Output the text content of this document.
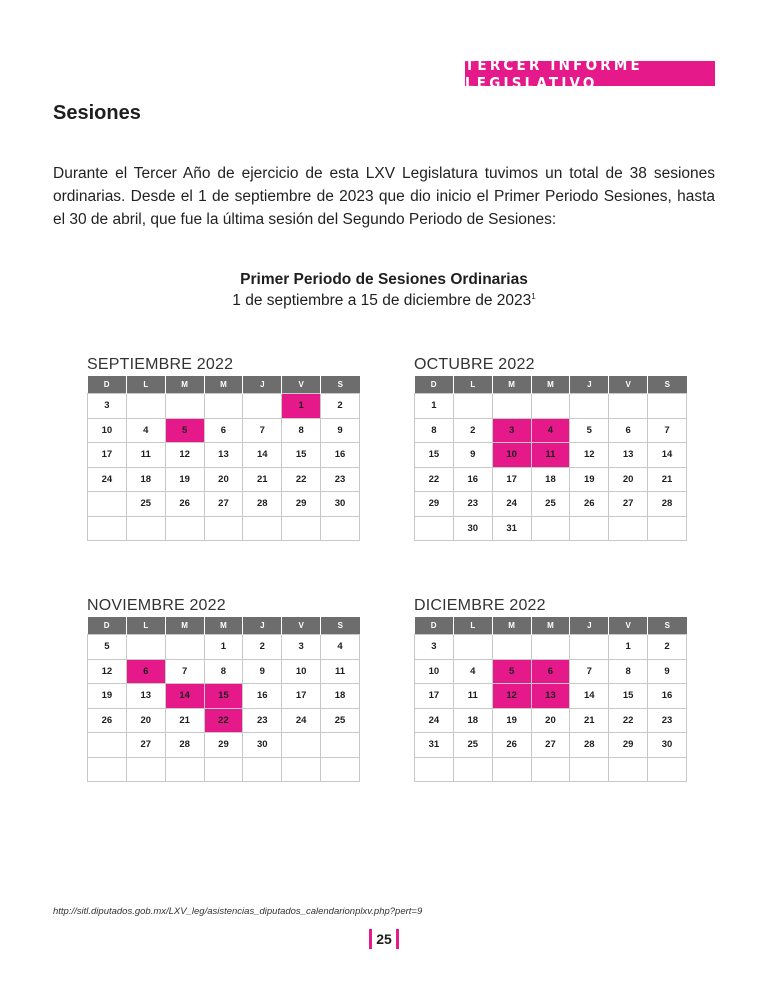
TERCER INFORME LEGISLATIVO
Sesiones

Durante el Tercer Año de ejercicio de esta LXV Legislatura tuvimos un total de 38 sesiones ordinarias. Desde el 1 de septiembre de 2023 que dio inicio el Primer Periodo Sesiones, hasta el 30 de abril, que fue la última sesión del Segundo Periodo de Sesiones:

Primer Periodo de Sesiones Ordinarias
1 de septiembre a 15 de diciembre de 2023$^1$
SEPTIEMBRE 2022
D	L	M	M	J	V	S
3					1	2
10	4	5	6	7	8	9
17	11	12	13	14	15	16
24	18	19	20	21	22	23
	25	26	27	28	29	30

OCTUBRE 2022
D	L	M	M	J	V	S
1						
8	2	3	4	5	6	7
15	9	10	11	12	13	14
22	16	17	18	19	20	21
29	23	24	25	26	27	28
	30	31				
NOVIEMBRE 2022
D	L	M	M	J	V	S
5			1	2	3	4
12	6	7	8	9	10	11
19	13	14	15	16	17	18
26	20	21	22	23	24	25
	27	28	29	30		

DICIEMBRE 2022
D	L	M	M	J	V	S
3					1	2
10	4	5	6	7	8	9
17	11	12	13	14	15	16
24	18	19	20	21	22	23
31	25	26	27	28	29	30

http://sitl.diputados.gob.mx/LXV_leg/asistencias_diputados_calendarionplxv.php?pert=9
25
